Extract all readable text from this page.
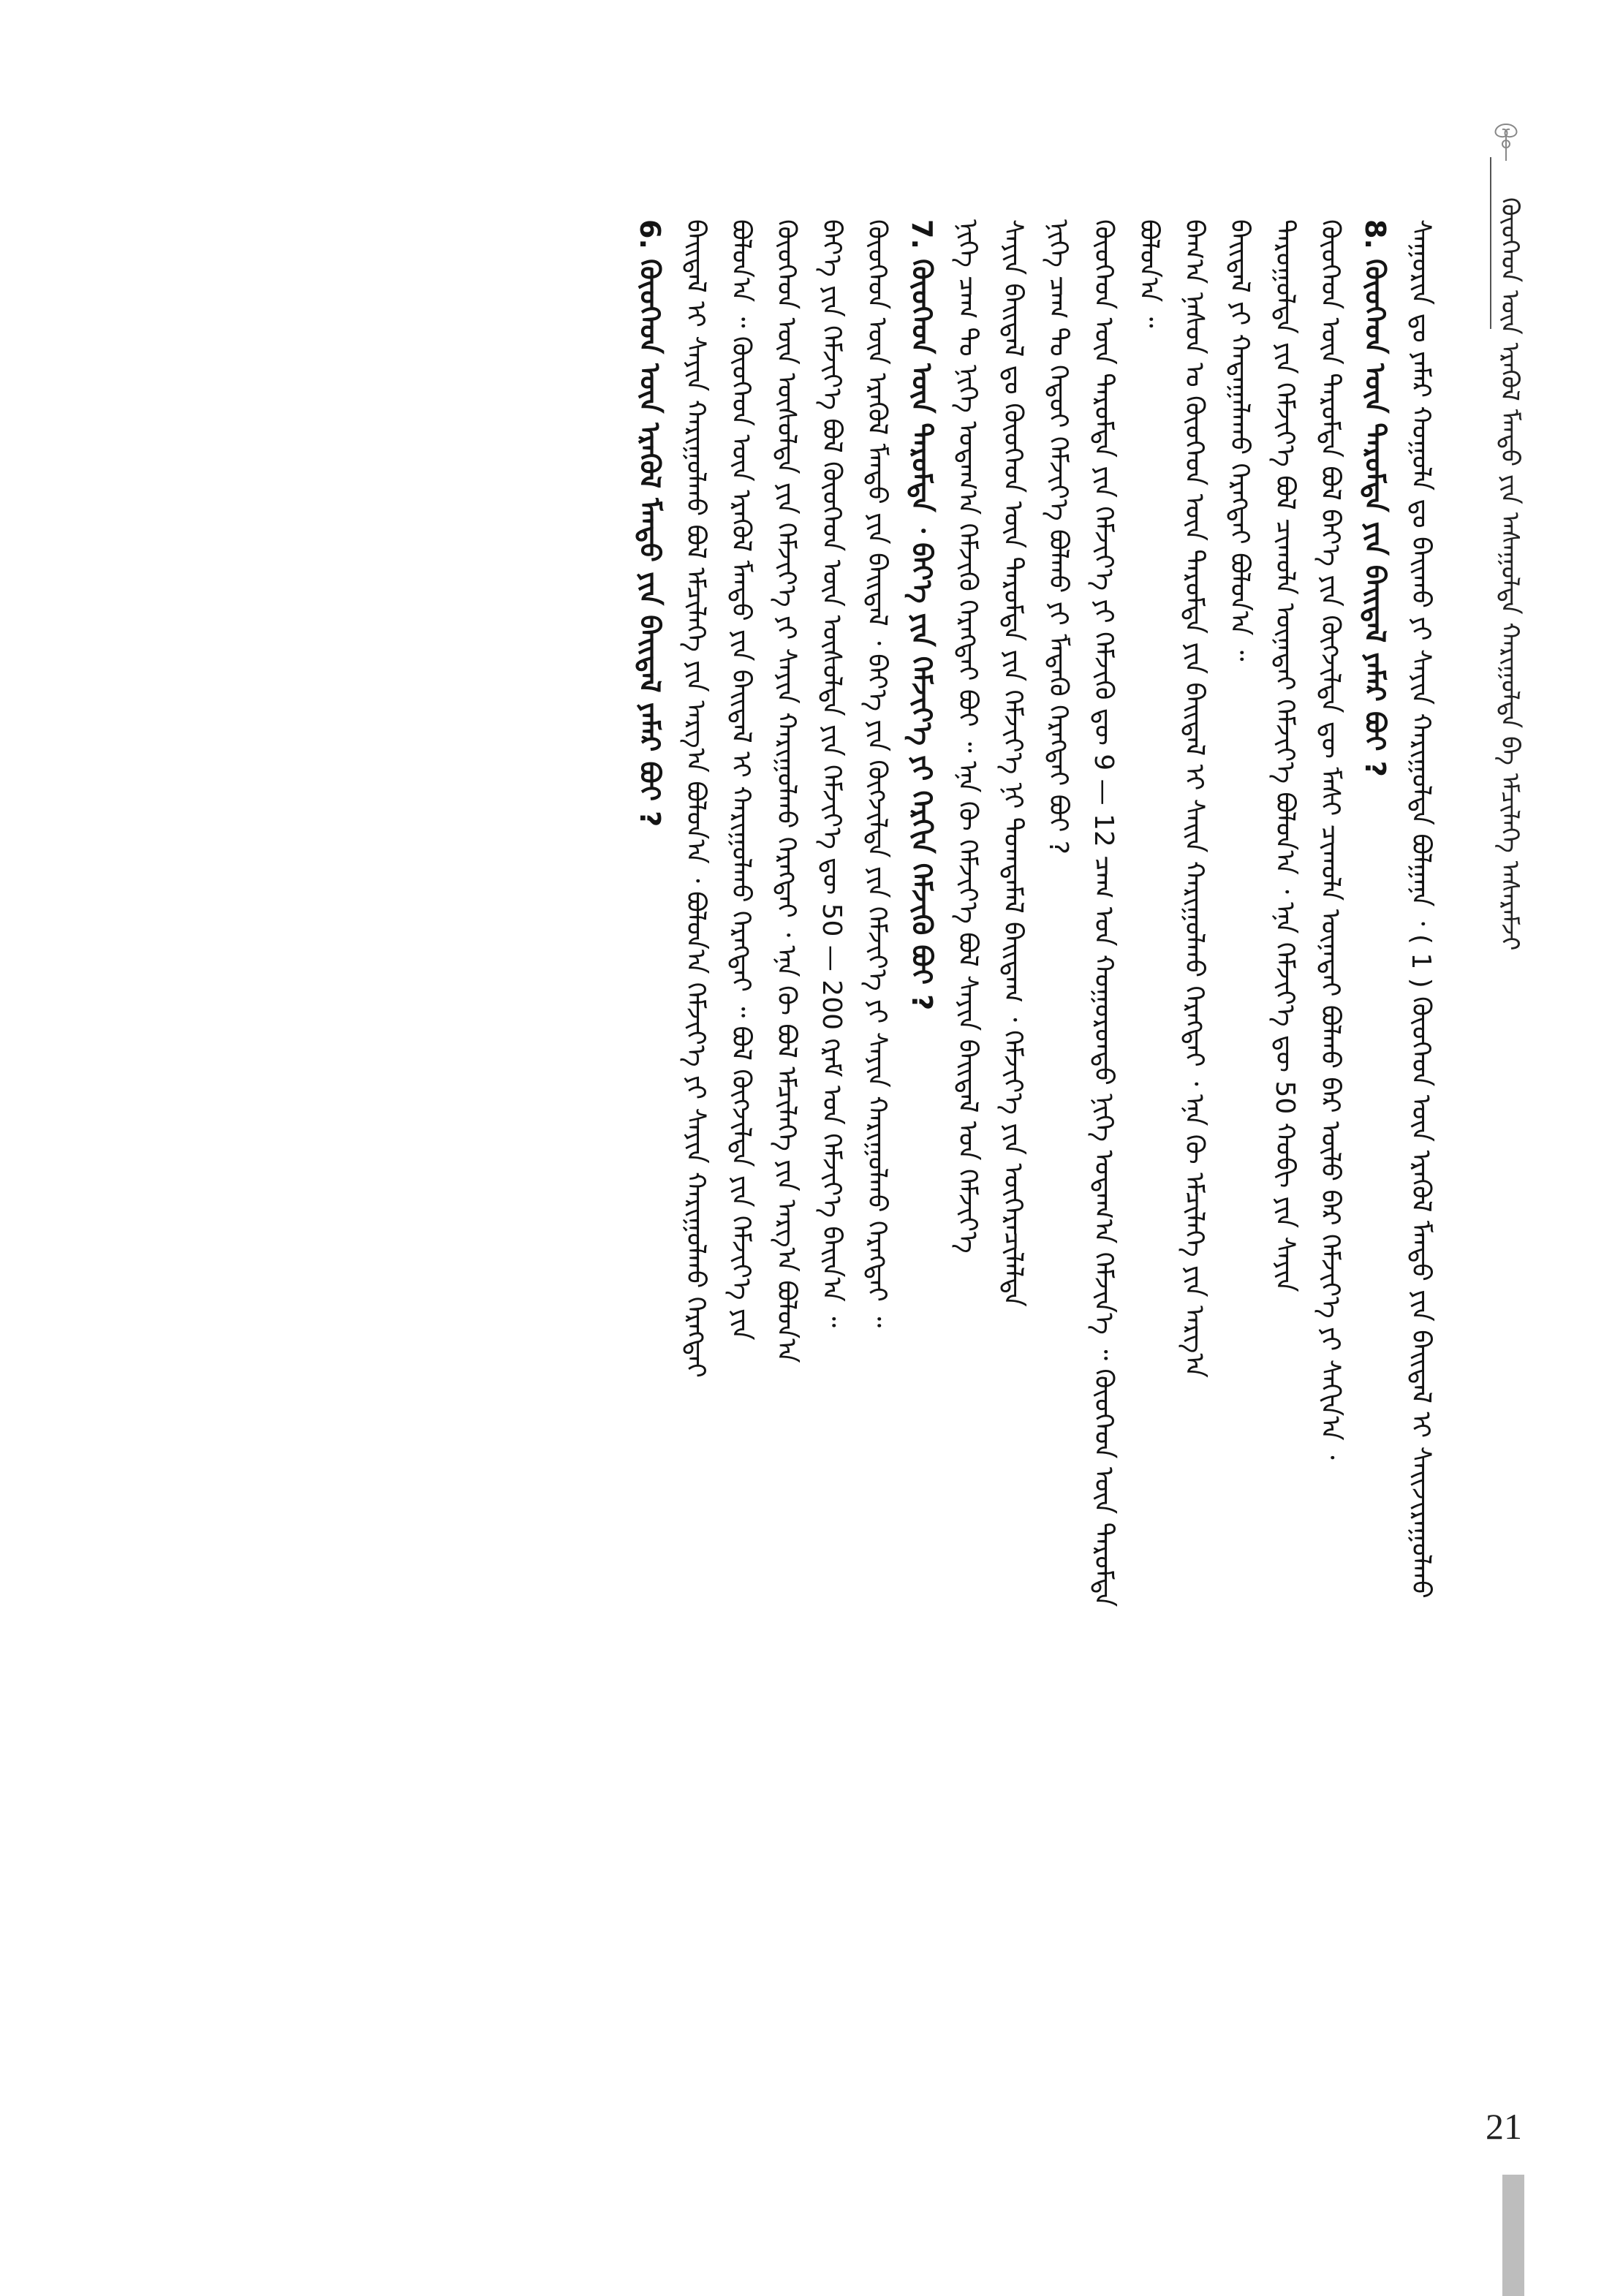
ᠬᠦᠦᠬᠡᠳ ᠦᠨ ᠡᠷᠡᠭᠦᠯ ᠮᠡᠨᠳᠦ ᠶᠢᠨ ᠠᠰᠠᠭᠤᠯᠲᠠ ᠬᠠᠷᠢᠭᠤᠯᠲᠠ ᠪᠠ ᠡᠮᠴᠢᠯᠡᠭᠡ ᠠᠰᠠᠷᠠᠮᠵᠢ
ᠰᠠᠭᠤᠷᠢᠨ ᠳᠤ ᠶᠠᠮᠠᠷ ᠬᠣᠭᠣᠯᠠ ᠳᠤ ᠪᠠᠢᠬᠤ ᠶᠢ ᠰᠠᠶᠢᠨ ᠬᠠᠷᠢᠭᠤᠯᠲᠠ ᠪᠣᠯᠭᠠᠨᠠ ᠂ ( 1 ) ᠬᠦᠦᠬᠡᠳ ᠦᠨ ᠡᠷᠡᠭᠦᠯ ᠮᠡᠨᠳᠦ ᠶᠢᠨ ᠪᠠᠢᠳᠠᠯ ᠢ ᠰᠠᠢᠵᠢᠷᠠᠭᠤᠯᠬᠤ
8. ᠬᠦᠦᠬᠡᠳ ᠦᠨ ᠳᠠᠷᠤᠮᠲᠠ ᠶᠢᠨ ᠪᠠᠢᠳᠠᠯ ᠶᠠᠮᠠᠷ ᠪᠣᠢ ?
ᠬᠦᠦᠬᠡᠳ ᠦᠨ ᠳᠠᠷᠤᠮᠲᠠ ᠪᠣᠯ ᠪᠡᠶ᠎ᠡ ᠶᠢᠨ ᠬᠥᠭᠵᠢᠯᠲᠡ ᠳᠦ ᠮᠠᠰᠢ ᠴᠢᠬᠤᠯᠠ ᠦᠨᠡᠲᠡᠢ ᠪᠣᠯᠬᠤ ᠪᠡᠷ ᠦᠯᠦ ᠪᠠᠷ ᠬᠡᠮᠵᠢᠶ᠎ᠡ ᠶᠢ ᠰᠠᠬᠢᠨ᠎ᠠ ᠂
ᠲᠠᠷᠤᠭᠤᠯᠲᠠ ᠶᠢᠨ ᠬᠡᠮᠵᠢᠶ᠎ᠡ ᠪᠣᠯ ᠴᠢᠬᠤᠯᠠ ᠦᠨᠡᠲᠡᠢ ᠬᠡᠮᠵᠢᠶ᠎ᠡ ᠪᠣᠯᠤᠨ᠎ᠠ ᠂ ᠡᠨᠡ ᠬᠡᠮᠵᠢᠶ᠎ᠡ ᠳᠦ 50 ᠬᠤᠪᠢ ᠶᠢᠨ ᠰᠠᠶᠢᠨ
ᠪᠠᠢᠳᠠᠯ ᠶᠢ ᠬᠠᠳᠠᠭᠠᠯᠠᠬᠤ ᠬᠡᠷᠡᠭᠲᠡᠢ ᠪᠣᠯᠤᠨ᠎ᠠ ᠃
ᠪᠠᠭ᠎ᠠ ᠨᠠᠰᠤᠨ ᠤ ᠬᠦᠦᠬᠡᠳ ᠦᠨ ᠳᠠᠷᠤᠮᠲᠠ ᠶᠢᠨ ᠪᠠᠢᠳᠠᠯ ᠢ ᠰᠠᠢᠨ ᠬᠠᠷᠢᠭᠤᠯᠬᠤ ᠬᠡᠷᠡᠭᠲᠡᠢ ᠂ ᠡᠨᠡ ᠬᠦ ᠡᠮᠴᠢᠯᠡᠭᠡ ᠶᠢᠨ ᠠᠷᠭ᠎ᠠ
ᠪᠣᠯᠤᠨ᠎ᠠ ᠃
ᠬᠦᠦᠬᠡᠳ ᠦᠨ ᠳᠠᠷᠤᠮᠲᠠ ᠶᠢᠨ ᠬᠡᠮᠵᠢᠶ᠎ᠡ ᠶᠢ ᠬᠡᠮᠵᠢᠬᠦ ᠳᠦ 9 — 12 ᠴᠠᠭ ᠤᠨ ᠬᠣᠭᠣᠷᠣᠨᠳᠤ ᠨᠢᠭᠡ ᠤᠳᠠᠭ᠎ᠠ ᠬᠡᠮᠵᠢᠨ᠎ᠡ ᠃ ᠬᠦᠦᠬᠡᠳ ᠦᠨ ᠳᠠᠷᠤᠮᠲᠠ
ᠨᠢᠭᠡ ᠴᠠᠭ ᠲᠤ ᠬᠡᠳᠦᠢ ᠬᠡᠮᠵᠢᠶ᠎ᠡ ᠪᠣᠯᠬᠤ ᠶᠢ ᠮᠡᠳᠡᠬᠦ ᠬᠡᠷᠡᠭᠲᠡᠢ ᠪᠣᠢ ?
ᠰᠠᠶᠢᠨ ᠪᠠᠢᠳᠠᠯ ᠳᠤ ᠬᠦᠦᠬᠡᠳ ᠦᠨ ᠳᠠᠷᠤᠮᠲᠠ ᠶᠢᠨ ᠬᠡᠮᠵᠢᠶ᠎ᠡ ᠨᠢ ᠲᠣᠭᠲᠠᠮᠠᠯ ᠪᠠᠢᠳᠠᠭ ᠂ ᠬᠡᠮᠵᠢᠶ᠎ᠡ ᠶᠢᠨ ᠥᠭᠡᠷᠡᠴᠢᠯᠡᠯᠲᠡ
ᠨᠢᠭᠡ ᠴᠠᠭ ᠲᠤ ᠨᠢᠭᠡ ᠤᠳᠠᠭ᠎ᠠ ᠬᠡᠮᠵᠢᠬᠦ ᠬᠡᠷᠡᠭᠲᠡᠢ ᠪᠣᠢ ᠃ ᠡᠨᠡ ᠬᠦ ᠬᠡᠮᠵᠢᠶ᠎ᠡ ᠪᠣᠯ ᠰᠠᠶᠢᠨ ᠪᠠᠢᠳᠠᠯ ᠤᠨ ᠬᠡᠮᠵᠢᠶ᠎ᠡ
7. ᠬᠦᠦᠬᠡᠳ ᠦᠨ ᠳᠠᠷᠤᠮᠲᠠ ᠂ ᠪᠡᠶ᠎ᠡ ᠶᠢᠨ ᠬᠡᠮᠵᠢᠶ᠎ᠡ ᠶᠢ ᠬᠡᠷᠬᠢᠨ ᠬᠡᠮᠵᠢᠬᠦ ᠪᠣᠢ ?
ᠬᠦᠦᠬᠡᠳ ᠦᠨ ᠡᠷᠡᠭᠦᠯ ᠮᠡᠨᠳᠦ ᠶᠢᠨ ᠪᠠᠢᠳᠠᠯ ᠂ ᠪᠡᠶ᠎ᠡ ᠶᠢᠨ ᠬᠥᠭᠵᠢᠯᠲᠡ ᠶᠢᠨ ᠬᠡᠮᠵᠢᠶ᠎ᠡ ᠶᠢ ᠰᠠᠶᠢᠨ ᠬᠠᠷᠢᠭᠤᠯᠬᠤ ᠬᠡᠷᠡᠭᠲᠡᠢ ᠃
ᠪᠡᠶ᠎ᠡ ᠶᠢᠨ ᠬᠡᠮᠵᠢᠶ᠎ᠡ ᠪᠣᠯ ᠬᠦᠦᠬᠡᠳ ᠦᠨ ᠥᠰᠦᠯᠲᠡ ᠶᠢᠨ ᠬᠡᠮᠵᠢᠶ᠎ᠡ ᠳᠦ 50 — 200 ᠭᠷᠠᠮ ᠤᠨ ᠬᠡᠮᠵᠢᠶ᠎ᠡ ᠪᠠᠢᠨ᠎ᠠ ᠃
ᠬᠦᠦᠬᠡᠳ ᠦᠨ ᠥᠰᠦᠯᠲᠡ ᠶᠢᠨ ᠬᠡᠮᠵᠢᠶ᠎ᠡ ᠶᠢ ᠰᠠᠶᠢᠨ ᠬᠠᠷᠢᠭᠤᠯᠬᠤ ᠬᠡᠷᠡᠭᠲᠡᠢ ᠂ ᠡᠨᠡ ᠬᠦ ᠪᠣᠯ ᠡᠮᠴᠢᠯᠡᠭᠡ ᠶᠢᠨ ᠠᠷᠭ᠎ᠠ ᠪᠣᠯᠤᠨ᠎ᠠ
ᠪᠣᠯᠤᠨ᠎ᠠ ᠃ ᠬᠦᠦᠬᠡᠳ ᠦᠨ ᠡᠷᠡᠭᠦᠯ ᠮᠡᠨᠳᠦ ᠶᠢᠨ ᠪᠠᠢᠳᠠᠯ ᠢ ᠬᠠᠷᠢᠭᠤᠯᠬᠤ ᠬᠡᠷᠡᠭᠲᠡᠢ ᠃ ᠪᠣᠯ ᠬᠥᠭᠵᠢᠯᠲᠡ ᠶᠢᠨ ᠬᠡᠮᠵᠢᠶ᠎ᠡ ᠶᠢᠨ
ᠪᠠᠢᠳᠠᠯ ᠢ ᠰᠠᠶᠢᠨ ᠬᠠᠷᠢᠭᠤᠯᠬᠤ ᠪᠣᠯ ᠡᠮᠴᠢᠯᠡᠭᠡ ᠶᠢᠨ ᠠᠷᠭ᠎ᠠ ᠪᠣᠯᠤᠨ᠎ᠠ ᠂ ᠪᠣᠯᠤᠨ᠎ᠠ ᠬᠡᠮᠵᠢᠶ᠎ᠡ ᠶᠢ ᠰᠠᠶᠢᠨ ᠬᠠᠷᠢᠭᠤᠯᠬᠤ ᠬᠡᠷᠡᠭᠲᠡᠢ
6. ᠬᠦᠦᠬᠡᠳ ᠦᠨ ᠡᠷᠡᠭᠦᠯ ᠮᠡᠨᠳᠦ ᠶᠢᠨ ᠪᠠᠢᠳᠠᠯ ᠶᠠᠮᠠᠷ ᠪᠣᠢ ?
21
